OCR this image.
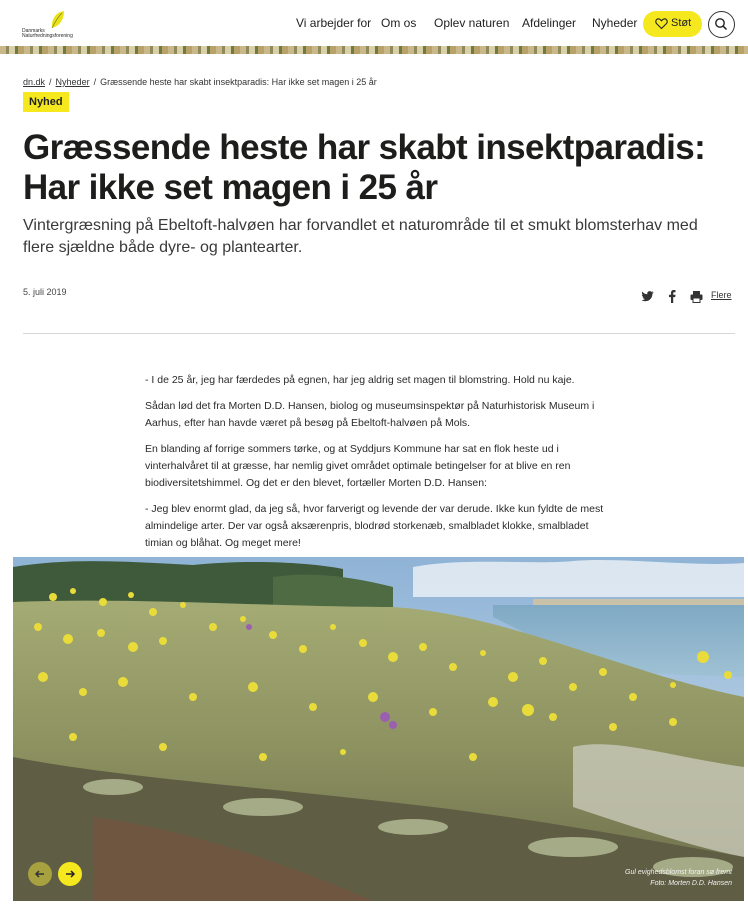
Danmarks Naturfredningsforening
Vi arbejder for Om os Oplev naturen Afdelinger Nyheder	Støt
dn.dk / Nyheder / Græssende heste har skabt insektparadis: Har ikke set magen i 25 år
Nyhed
Græssende heste har skabt insektparadis: Har ikke set magen i 25 år
Vintergræsning på Ebeltoft-halvøen har forvandlet et naturområde til et smukt blomsterhav med flere sjældne både dyre- og plantearter.
5. juli 2019	Flere

- I de 25 år, jeg har færdedes på egnen, har jeg aldrig set magen til blomstring. Hold nu kaje.

Sådan lød det fra Morten D.D. Hansen, biolog og museumsinspektør på Naturhistorisk Museum i Aarhus, efter han havde været på besøg på Ebeltoft-halvøen på Mols.

En blanding af forrige sommers tørke, og at Syddjurs Kommune har sat en flok heste ud i vinterhalvåret til at græsse, har nemlig givet området optimale betingelser for at blive en ren biodiversitetshimmel. Og det er den blevet, fortæller Morten D.D. Hansen:

- Jeg blev enormt glad, da jeg så, hvor farverigt og levende der var derude. Ikke kun fyldte de mest almindelige arter. Der var også aksærenpris, blodrød storkenæb, smalbladet klokke, smalbladet timian og blåhat. Og meget mere!

Gul evighedsblomst foran sø fremt
Foto: Morten D.D. Hansen
